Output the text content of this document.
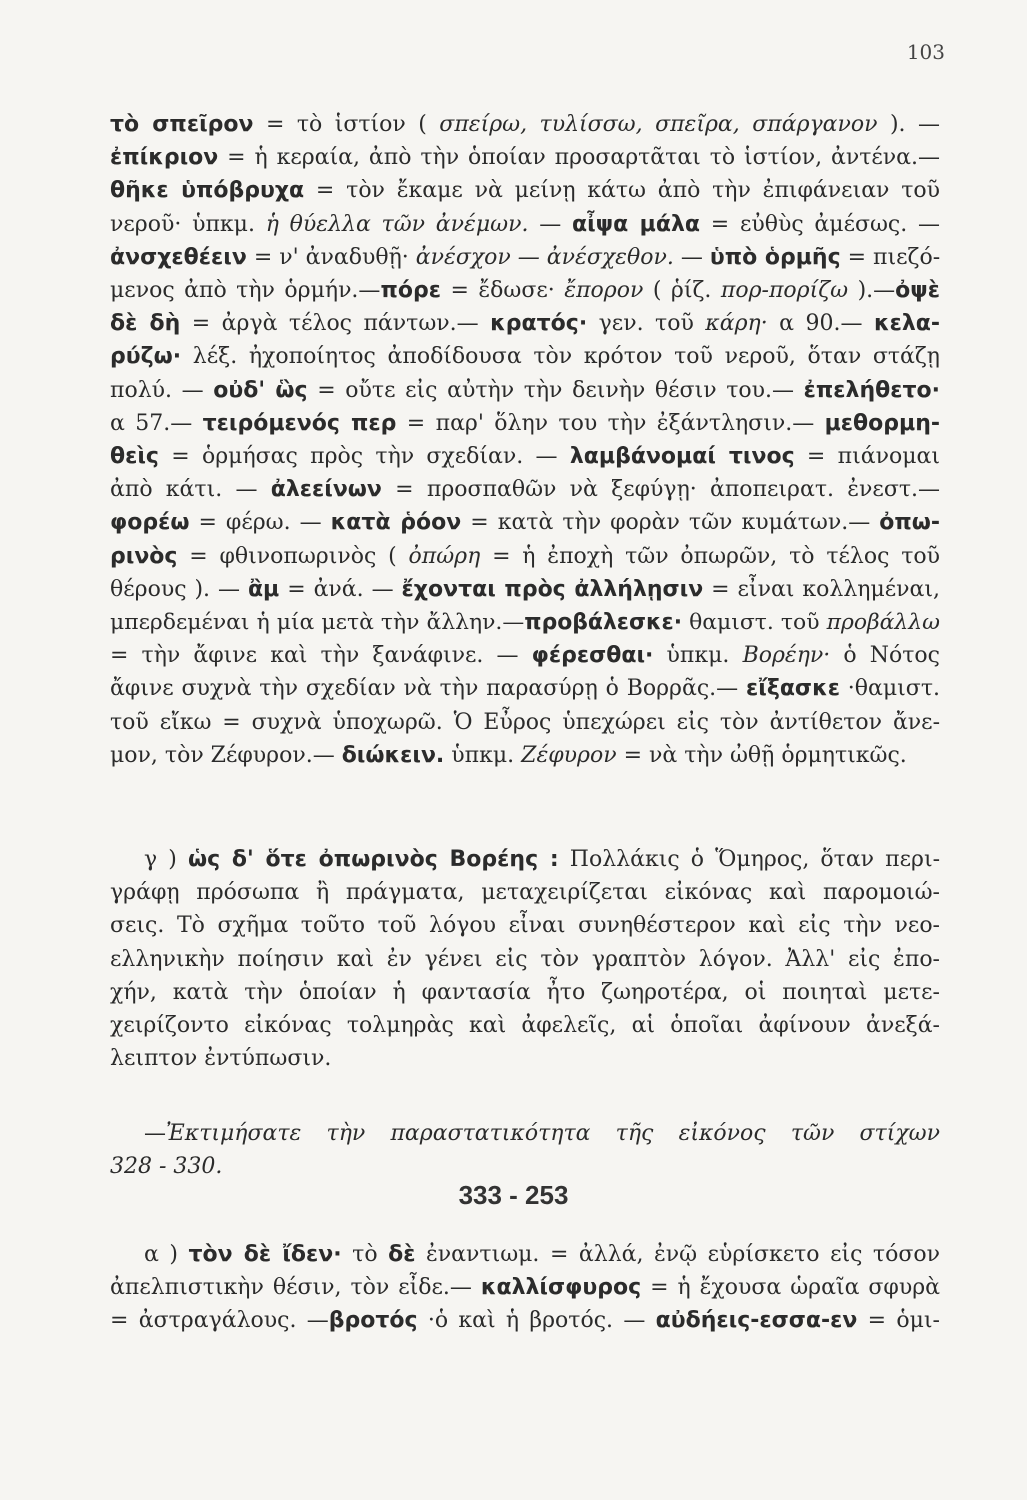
103
τὸ σπεῖρον = τὸ ἱστίον ( σπείρω, τυλίσσω, σπεῖρα, σπάργανον ). —
ἐπίκριον = ἡ κεραία, ἀπὸ τὴν ὁποίαν προσαρτᾶται τὸ ἱστίον, ἀντένα.—
θῆκε ὑπόβρυχα = τὸν ἔκαμε νὰ μείνῃ κάτω ἀπὸ τὴν ἐπιφάνειαν τοῦ
νεροῦ· ὑπκμ. ἡ θύελλα τῶν ἀνέμων. — αἶψα μάλα = εὐθὺς ἀμέσως. —
ἀνσχεθέειν = ν' ἀναδυθῇ· ἀνέσχον — ἀνέσχεθον. — ὑπὸ ὁρμῆς = πιεζό-
μενος ἀπὸ τὴν ὁρμήν.—πόρε = ἔδωσε· ἔπορον ( ῥίζ. πορ-πορίζω ).—ὀψὲ
δὲ δὴ = ἀργὰ τέλος πάντων.— κρατός· γεν. τοῦ κάρη· α 90.— κελα-
ρύζω· λέξ. ἠχοποίητος ἀποδίδουσα τὸν κρότον τοῦ νεροῦ, ὅταν στάζῃ
πολύ. — οὐδ' ὣς = οὔτε εἰς αὐτὴν τὴν δεινὴν θέσιν του.— ἐπελήθετο·
α 57.— τειρόμενός περ = παρ' ὅλην του τὴν ἐξάντλησιν.— μεθορμη-
θεὶς = ὁρμήσας πρὸς τὴν σχεδίαν. — λαμβάνομαί τινος = πιάνομαι
ἀπὸ κάτι. — ἀλεείνων = προσπαθῶν νὰ ξεφύγῃ· ἀποπειρατ. ἐνεστ.—
φορέω = φέρω. — κατὰ ῥόον = κατὰ τὴν φορὰν τῶν κυμάτων.— ὀπω-
ρινὸς = φθινοπωρινὸς ( ὀπώρη = ἡ ἐποχὴ τῶν ὀπωρῶν, τὸ τέλος τοῦ
θέρους ). — ἂμ = ἀνά. — ἔχονται πρὸς ἀλλήλῃσιν = εἶναι κολλημέναι,
μπερδεμέναι ἡ μία μετὰ τὴν ἄλλην.—προβάλεσκε· θαμιστ. τοῦ προβάλλω
= τὴν ἄφινε καὶ τὴν ξανάφινε. — φέρεσθαι· ὑπκμ. Βορέην· ὁ Νότος
ἄφινε συχνὰ τὴν σχεδίαν νὰ τὴν παρασύρῃ ὁ Βορρᾶς.— εἴξασκε ·θαμιστ.
τοῦ εἴκω = συχνὰ ὑποχωρῶ. Ὁ Εὖρος ὑπεχώρει εἰς τὸν ἀντίθετον ἄνε-
μον, τὸν Ζέφυρον.— διώκειν. ὑπκμ. Ζέφυρον = νὰ τὴν ὠθῇ ὁρμητικῶς.
γ ) ὡς δ' ὅτε ὀπωρινὸς Βορέης : Πολλάκις ὁ Ὅμηρος, ὅταν περι-
γράφῃ πρόσωπα ἢ πράγματα, μεταχειρίζεται εἰκόνας καὶ παρομοιώ-
σεις. Τὸ σχῆμα τοῦτο τοῦ λόγου εἶναι συνηθέστερον καὶ εἰς τὴν νεο-
ελληνικὴν ποίησιν καὶ ἐν γένει εἰς τὸν γραπτὸν λόγον. Ἀλλ' εἰς ἐπο-
χήν, κατὰ τὴν ὁποίαν ἡ φαντασία ἦτο ζωηροτέρα, οἱ ποιηταὶ μετε-
χειρίζοντο εἰκόνας τολμηρὰς καὶ ἀφελεῖς, αἱ ὁποῖαι ἀφίνουν ἀνεξά-
λειπτον ἐντύπωσιν.
—Ἐκτιμήσατε τὴν παραστατικότητα τῆς εἰκόνος τῶν στίχων
328 - 330.
333 - 253
α ) τὸν δὲ ἴδεν· τὸ δὲ ἐναντιωμ. = ἀλλά, ἐνῷ εὑρίσκετο εἰς τόσον
ἀπελπιστικὴν θέσιν, τὸν εἶδε.— καλλίσφυρος = ἡ ἔχουσα ὡραῖα σφυρὰ
= ἀστραγάλους. —βροτός ·ὁ καὶ ἡ βροτός. — αὐδήεις-εσσα-εν = ὁμι-
